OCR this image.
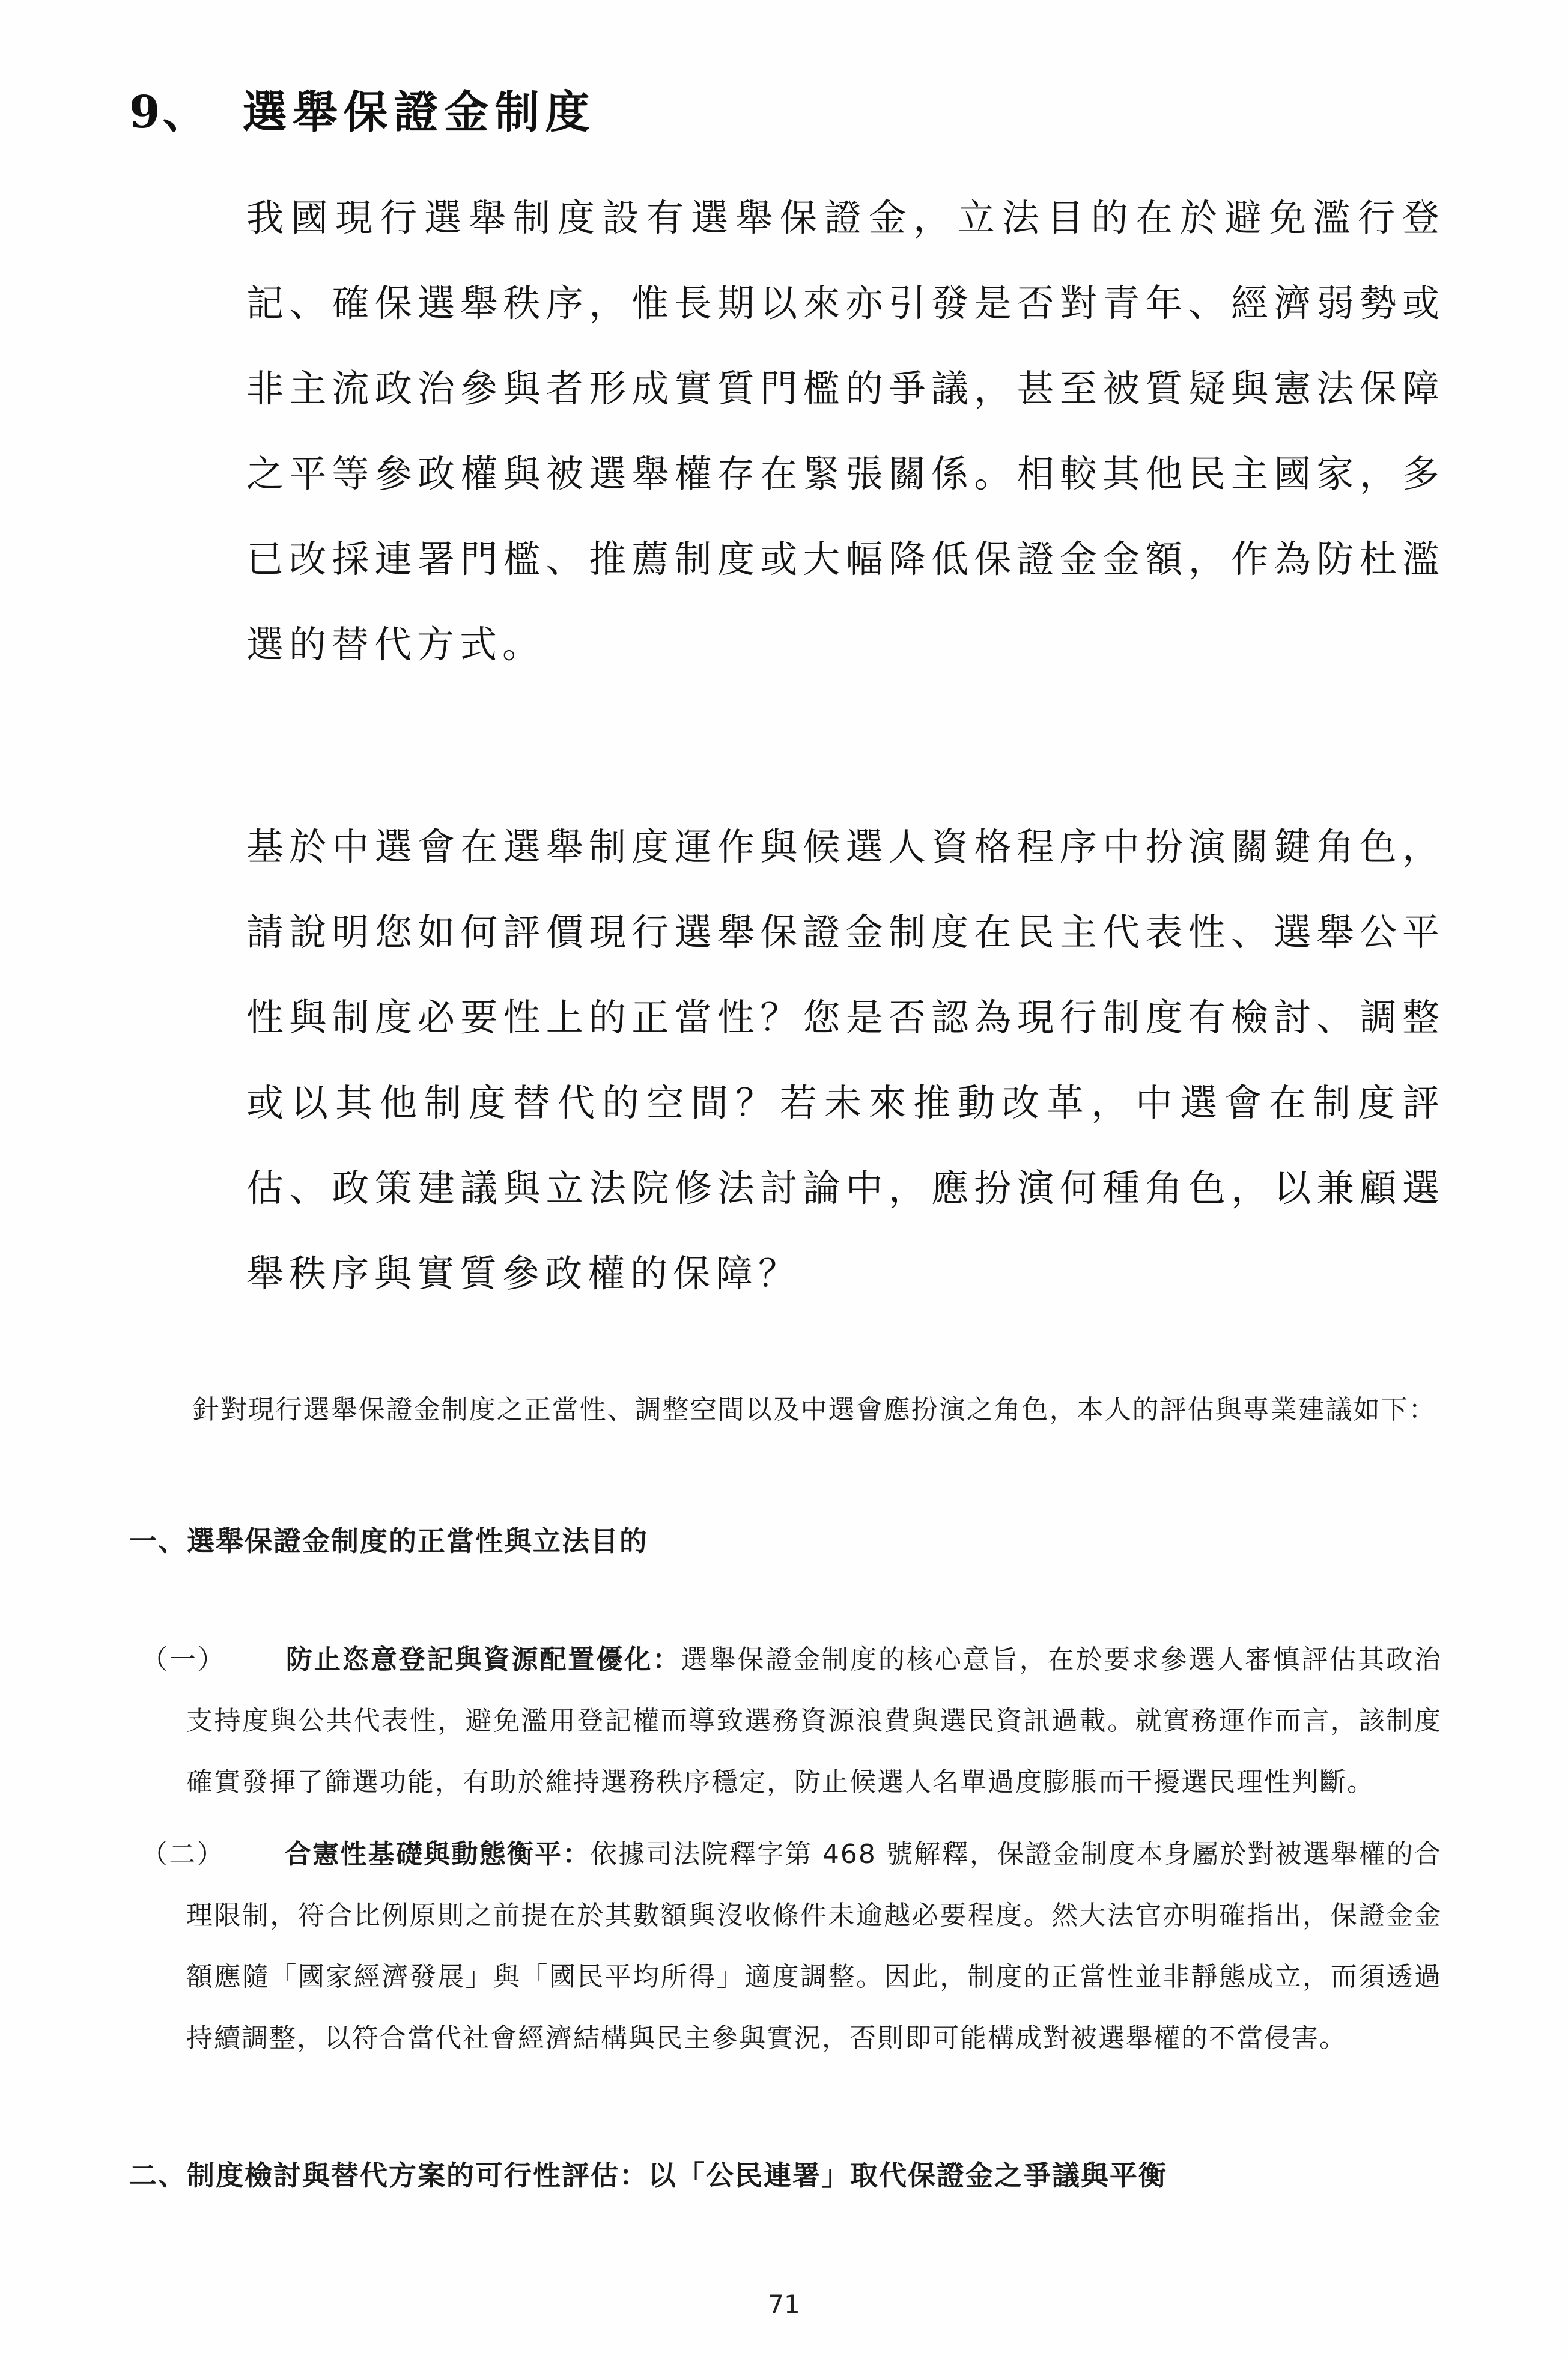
9、 選舉保證金制度

我國現行選舉制度設有選舉保證金，立法目的在於避免濫行登記、確保選舉秩序，惟長期以來亦引發是否對青年、經濟弱勢或非主流政治參與者形成實質門檻的爭議，甚至被質疑與憲法保障之平等參政權與被選舉權存在緊張關係。相較其他民主國家，多已改採連署門檻、推薦制度或大幅降低保證金金額，作為防杜濫選的替代方式。

基於中選會在選舉制度運作與候選人資格程序中扮演關鍵角色，請說明您如何評價現行選舉保證金制度在民主代表性、選舉公平性與制度必要性上的正當性？您是否認為現行制度有檢討、調整或以其他制度替代的空間？若未來推動改革，中選會在制度評估、政策建議與立法院修法討論中，應扮演何種角色，以兼顧選舉秩序與實質參政權的保障？

針對現行選舉保證金制度之正當性、調整空間以及中選會應扮演之角色，本人的評估與專業建議如下：

一、選舉保證金制度的正當性與立法目的
（一） 防止恣意登記與資源配置優化：選舉保證金制度的核心意旨，在於要求參選人審慎評估其政治支持度與公共代表性，避免濫用登記權而導致選務資源浪費與選民資訊過載。就實務運作而言，該制度確實發揮了篩選功能，有助於維持選務秩序穩定，防止候選人名單過度膨脹而干擾選民理性判斷。
（二） 合憲性基礎與動態衡平：依據司法院釋字第 468 號解釋，保證金制度本身屬於對被選舉權的合理限制，符合比例原則之前提在於其數額與沒收條件未逾越必要程度。然大法官亦明確指出，保證金金額應隨「國家經濟發展」與「國民平均所得」適度調整。因此，制度的正當性並非靜態成立，而須透過持續調整，以符合當代社會經濟結構與民主參與實況，否則即可能構成對被選舉權的不當侵害。
二、制度檢討與替代方案的可行性評估：以「公民連署」取代保證金之爭議與平衡
71
